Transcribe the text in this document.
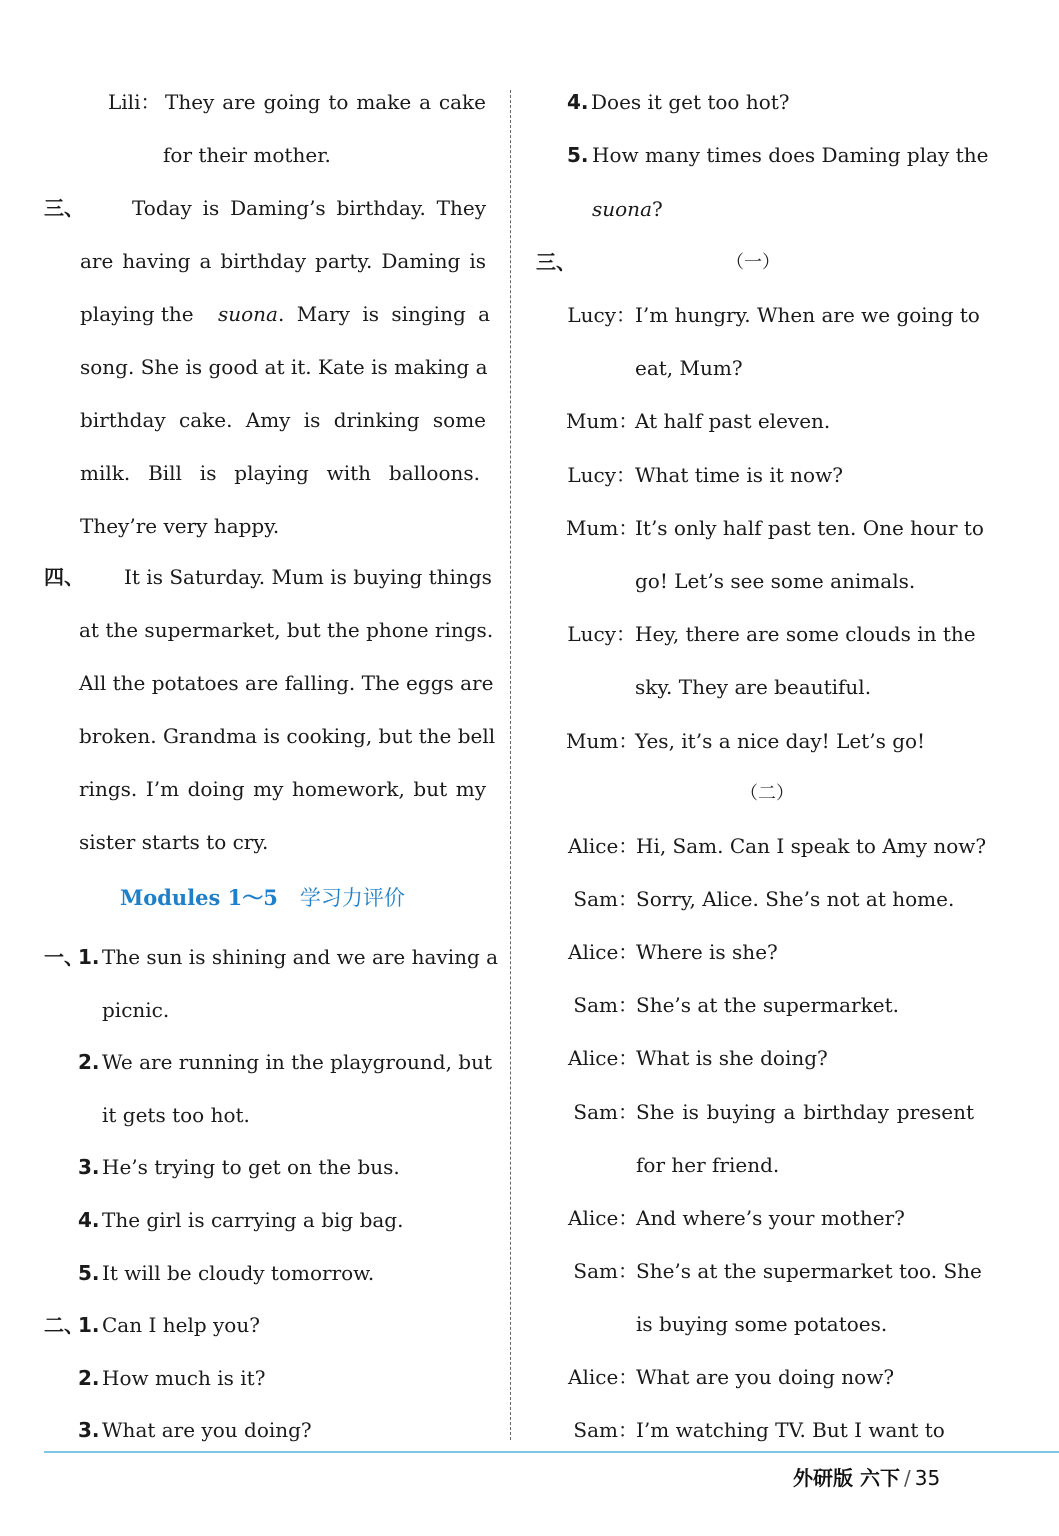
Lili： They are going to make a cake
for their mother.
三、 Today is Daming’s birthday. They
are having a birthday party. Daming is
playing the suona. Mary is singing a
song. She is good at it. Kate is making a
birthday cake. Amy is drinking some
milk. Bill is playing with balloons.
They’re very happy.
四、 It is Saturday. Mum is buying things
at the supermarket, but the phone rings.
All the potatoes are falling. The eggs are
broken. Grandma is cooking, but the bell
rings. I’m doing my homework, but my
sister starts to cry.
Modules 1～5 学习力评价
一、
1. The sun is shining and we are having a
picnic.
2. We are running in the playground, but
it gets too hot.
3. He’s trying to get on the bus.
4. The girl is carrying a big bag.
5. It will be cloudy tomorrow.
二、
1. Can I help you?
2. How much is it?
3. What are you doing?
4. Does it get too hot?
5. How many times does Daming play the
suona?
三、	（一）
Lucy： I’m hungry. When are we going to
eat, Mum?
Mum：
At half past eleven.
Lucy： What time is it now?
Mum：
It’s only half past ten. One hour to
go! Let’s see some animals.
Lucy： Hey, there are some clouds in the
sky. They are beautiful.
Mum：
Yes, it’s a nice day! Let’s go!
（二）
Alice：
Hi, Sam. Can I speak to Amy now?
Sam：
Sorry, Alice. She’s not at home.
Alice：
Where is she?
Sam：
She’s at the supermarket.
Alice：
What is she doing?
Sam：
She is buying a birthday present
for her friend.
Alice：
And where’s your mother?
Sam：
She’s at the supermarket too. She
is buying some potatoes.
Alice：
What are you doing now?
Sam：
I’m watching TV. But I want to
外研版 六下 / 35
